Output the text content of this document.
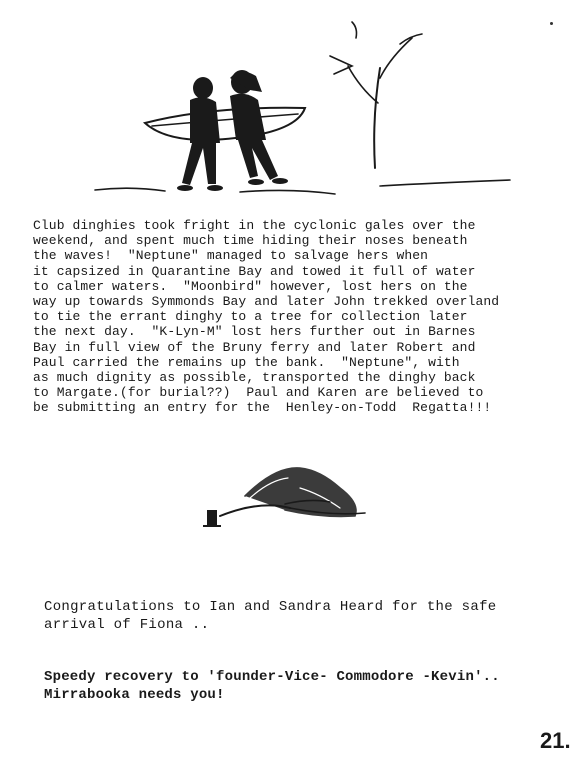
Club dinghies took fright in the cyclonic gales over the
weekend, and spent much time hiding their noses beneath
the waves!  "Neptune" managed to salvage hers when
it capsized in Quarantine Bay and towed it full of water
to calmer waters.  "Moonbird" however, lost hers on the
way up towards Symmonds Bay and later John trekked overland
to tie the errant dinghy to a tree for collection later
the next day.  "K-Lyn-M" lost hers further out in Barnes
Bay in full view of the Bruny ferry and later Robert and
Paul carried the remains up the bank.  "Neptune", with
as much dignity as possible, transported the dinghy back
to Margate.(for burial??)  Paul and Karen are believed to
be submitting an entry for the  Henley-on-Todd  Regatta!!!
Congratulations to Ian and Sandra Heard for the safe
arrival of Fiona ..
Speedy recovery to 'founder-Vice- Commodore -Kevin'..
Mirrabooka needs you!
21.
